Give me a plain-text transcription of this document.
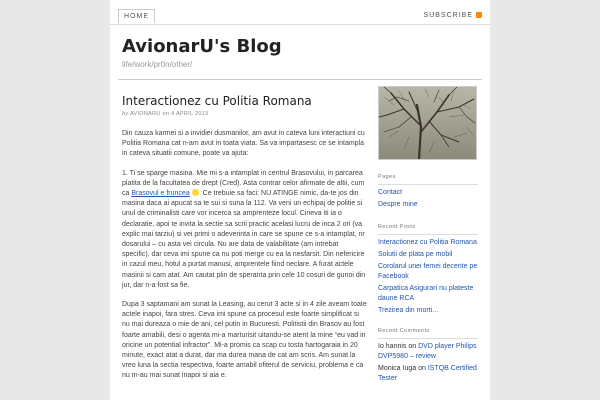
HOME	SUBSCRIBE
AvionarU's Blog
life/work/pr0n/other/
Interactionez cu Politia Romana
by AVIONARU on 4 APRIL 2013

Din cauza karmei si a invidiei dusmanilor, am avut in cateva luni interactiuni cu Politia Romana cat n-am avut in toata viata. Sa va impartasesc ce se intampla in cateva situatii comune, poate va ajuta:

1. Ti se sparge masina. Mie mi s-a intamplat in centrul Brasovului, in parcarea platita de la facultatea de drept (Cred). Asta contrar celor afirmate de altii, cum ca Brasovul e fruncea Ce trebuie sa faci: NU ATINGE nimic, da-te jos din masina daca ai apucat sa te sui si suna la 112. Va veni un echipaj de politie si unul de criminalisti care vor incerca sa amprenteze locul. Cineva iti ia o declaratie, apoi te invita la sectie sa scrii practic acelasi lucru de inca 2 ori (va explic mai tarziu) si vei primi o adeverinta in care se spune ce s-a intamplat, nr dosarului – cu asta vei circula. Nu are data de valabilitate (am intrebat specific), dar ceva imi spune ca nu poti merge cu ea la nesfarsit. Din nefericire in cazul meu, hotul a purtat manusi, amprentele fiind neclare. A furat actele masinii si cam atat. Am cautat plin de speranta prin cele 10 cosuri de gunoi din jur, dar n-a fost sa fie.

Dupa 3 saptamani am sunat la Leasing, au cerut 3 acte si in 4 zile aveam toate actele inapoi, fara stres. Ceva imi spune ca procesul este foarte simplificat si nu mai dureaza o mie de ani, cel putin in Bucuresti. Politistii din Brasov au fost foarte amabili, desi o agenta mi-a marturisit uitandu-se atent la mine “eu vad in oricine un potential infractor”. Mi-a promis ca scap cu tosta hartogaraia in 20 minute, exact atat a durat, dar ma durea mana de cat am scris. Am sunat la vreo luna la sectia respectiva, foarte amabil ofiterul de serviciu, problema e ca nu m-au mai sunat inapoi si aia e.

Pages
Contact
Despre mine
Recent Posts
Interactionez cu Politia Romana
Solutii de plata pe mobil
Corolarul unei femei decente pe Facebook
Carpatica Asigurari nu plateste daune RCA
Trezirea din morti…
Recent Comments
Io hannis on DVD player Philips DVP5980 – review
Monica Iuga on ISTQB Certified Tester
